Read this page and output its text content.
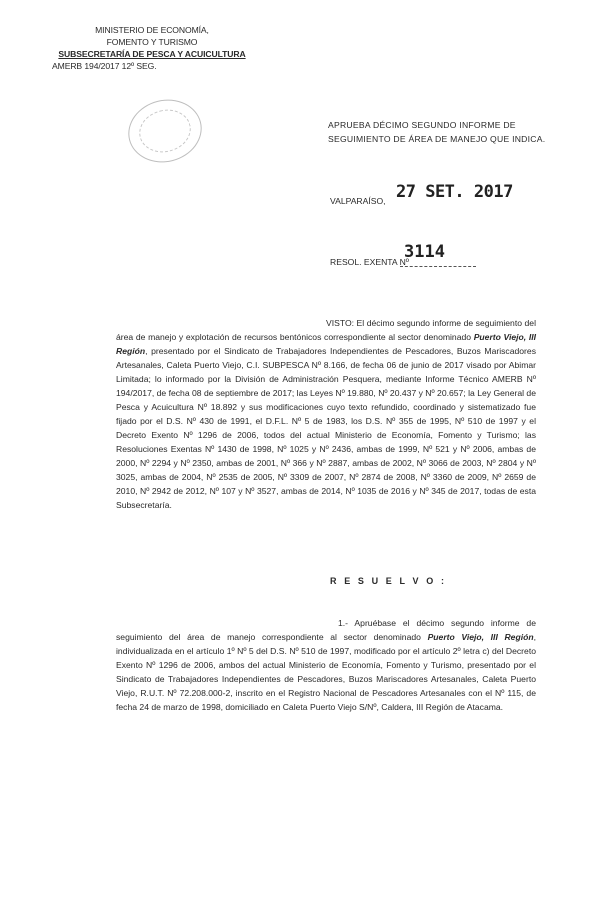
MINISTERIO DE ECONOMÍA,
FOMENTO Y TURISMO
SUBSECRETARÍA DE PESCA Y ACUICULTURA
AMERB 194/2017 12º SEG.
APRUEBA DÉCIMO SEGUNDO INFORME DE SEGUIMIENTO DE ÁREA DE MANEJO QUE INDICA.
VALPARAÍSO, 27 SET. 2017
RESOL. EXENTA Nº
3114
VISTO: El décimo segundo informe de seguimiento del área de manejo y explotación de recursos bentónicos correspondiente al sector denominado Puerto Viejo, III Región, presentado por el Sindicato de Trabajadores Independientes de Pescadores, Buzos Mariscadores Artesanales, Caleta Puerto Viejo, C.I. SUBPESCA Nº 8.166, de fecha 06 de junio de 2017 visado por Abimar Limitada; lo informado por la División de Administración Pesquera, mediante Informe Técnico AMERB Nº 194/2017, de fecha 08 de septiembre de 2017; las Leyes Nº 19.880, Nº 20.437 y Nº 20.657; la Ley General de Pesca y Acuicultura Nº 18.892 y sus modificaciones cuyo texto refundido, coordinado y sistematizado fue fijado por el D.S. Nº 430 de 1991, el D.F.L. Nº 5 de 1983, los D.S. Nº 355 de 1995, Nº 510 de 1997 y el Decreto Exento Nº 1296 de 2006, todos del actual Ministerio de Economía, Fomento y Turismo; las Resoluciones Exentas Nº 1430 de 1998, Nº 1025 y Nº 2436, ambas de 1999, Nº 521 y Nº 2006, ambas de 2000, Nº 2294 y Nº 2350, ambas de 2001, Nº 366 y Nº 2887, ambas de 2002, Nº 3066 de 2003, Nº 2804 y Nº 3025, ambas de 2004, Nº 2535 de 2005, Nº 3309 de 2007, Nº 2874 de 2008, Nº 3360 de 2009, Nº 2659 de 2010, Nº 2942 de 2012, Nº 107 y Nº 3527, ambas de 2014, Nº 1035 de 2016 y Nº 345 de 2017, todas de esta Subsecretaría.
R E S U E L V O :
1.- Apruébase el décimo segundo informe de seguimiento del área de manejo correspondiente al sector denominado Puerto Viejo, III Región, individualizada en el artículo 1º Nº 5 del D.S. Nº 510 de 1997, modificado por el artículo 2º letra c) del Decreto Exento Nº 1296 de 2006, ambos del actual Ministerio de Economía, Fomento y Turismo, presentado por el Sindicato de Trabajadores Independientes de Pescadores, Buzos Mariscadores Artesanales, Caleta Puerto Viejo, R.U.T. Nº 72.208.000-2, inscrito en el Registro Nacional de Pescadores Artesanales con el Nº 115, de fecha 24 de marzo de 1998, domiciliado en Caleta Puerto Viejo S/Nº, Caldera, III Región de Atacama.
